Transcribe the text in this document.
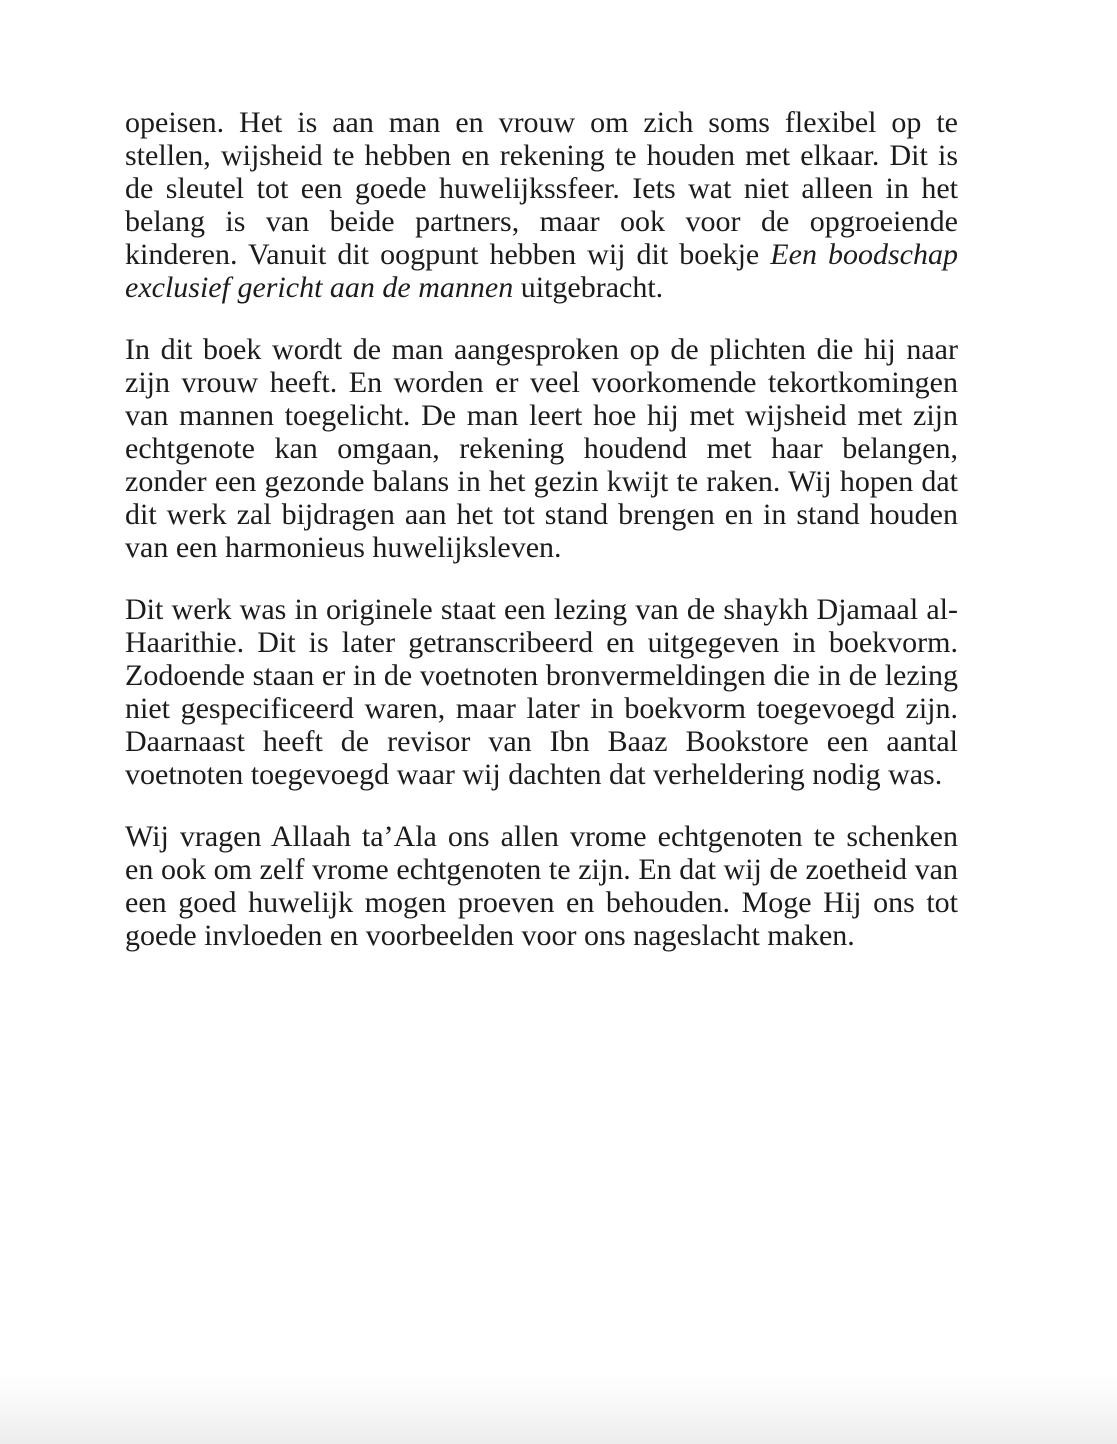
opeisen. Het is aan man en vrouw om zich soms flexibel op te stellen, wijsheid te hebben en rekening te houden met elkaar. Dit is de sleutel tot een goede huwelijkssfeer. Iets wat niet alleen in het belang is van beide partners, maar ook voor de opgroeiende kinderen. Vanuit dit oogpunt hebben wij dit boekje Een boodschap exclusief gericht aan de mannen uitgebracht.

In dit boek wordt de man aangesproken op de plichten die hij naar zijn vrouw heeft. En worden er veel voorkomende tekortkomingen van mannen toegelicht. De man leert hoe hij met wijsheid met zijn echtgenote kan omgaan, rekening houdend met haar belangen, zonder een gezonde balans in het gezin kwijt te raken. Wij hopen dat dit werk zal bijdragen aan het tot stand brengen en in stand houden van een harmonieus huwelijksleven.

Dit werk was in originele staat een lezing van de shaykh Djamaal al-Haarithie. Dit is later getranscribeerd en uitgegeven in boekvorm. Zodoende staan er in de voetnoten bronvermeldingen die in de lezing niet gespecificeerd waren, maar later in boekvorm toegevoegd zijn. Daarnaast heeft de revisor van Ibn Baaz Bookstore een aantal voetnoten toegevoegd waar wij dachten dat verheldering nodig was.

Wij vragen Allaah ta’Ala ons allen vrome echtgenoten te schenken en ook om zelf vrome echtgenoten te zijn. En dat wij de zoetheid van een goed huwelijk mogen proeven en behouden. Moge Hij ons tot goede invloeden en voorbeelden voor ons nageslacht maken.
